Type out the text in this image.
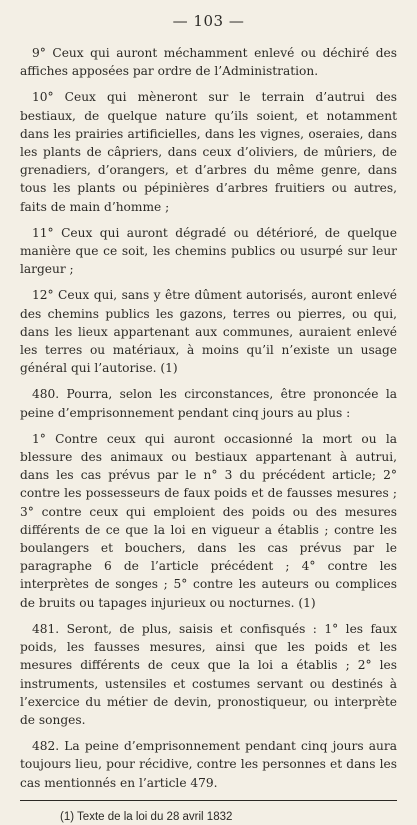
— 103 —

9° Ceux qui auront méchamment enlevé ou déchiré des affiches apposées par ordre de l’Administration.

10° Ceux qui mèneront sur le terrain d’autrui des bestiaux, de quelque nature qu’ils soient, et notamment dans les prairies artificielles, dans les vignes, oseraies, dans les plants de câpriers, dans ceux d’oliviers, de mûriers, de grenadiers, d’orangers, et d’arbres du même genre, dans tous les plants ou pépinières d’arbres fruitiers ou autres, faits de main d’homme ;

11° Ceux qui auront dégradé ou détérioré, de quelque manière que ce soit, les chemins publics ou usurpé sur leur largeur ;

12° Ceux qui, sans y être dûment autorisés, auront enlevé des chemins publics les gazons, terres ou pierres, ou qui, dans les lieux appartenant aux communes, auraient enlevé les terres ou matériaux, à moins qu’il n’existe un usage général qui l’autorise. (1)

480. Pourra, selon les circonstances, être prononcée la peine d’emprisonnement pendant cinq jours au plus :

1° Contre ceux qui auront occasionné la mort ou la blessure des animaux ou bestiaux appartenant à autrui, dans les cas prévus par le n° 3 du précédent article; 2° contre les possesseurs de faux poids et de fausses mesures ; 3° contre ceux qui emploient des poids ou des mesures différents de ce que la loi en vigueur a établis ; contre les boulangers et bouchers, dans les cas prévus par le paragraphe 6 de l’article précédent ; 4° contre les interprètes de songes ; 5° contre les auteurs ou complices de bruits ou tapages injurieux ou nocturnes. (1)

481. Seront, de plus, saisis et confisqués : 1° les faux poids, les fausses mesures, ainsi que les poids et les mesures différents de ceux que la loi a établis ; 2° les instruments, ustensiles et costumes servant ou destinés à l’exercice du métier de devin, pronostiqueur, ou interprète de songes.

482. La peine d’emprisonnement pendant cinq jours aura toujours lieu, pour récidive, contre les personnes et dans les cas mentionnés en l’article 479.

(1) Texte de la loi du 28 avril 1832
